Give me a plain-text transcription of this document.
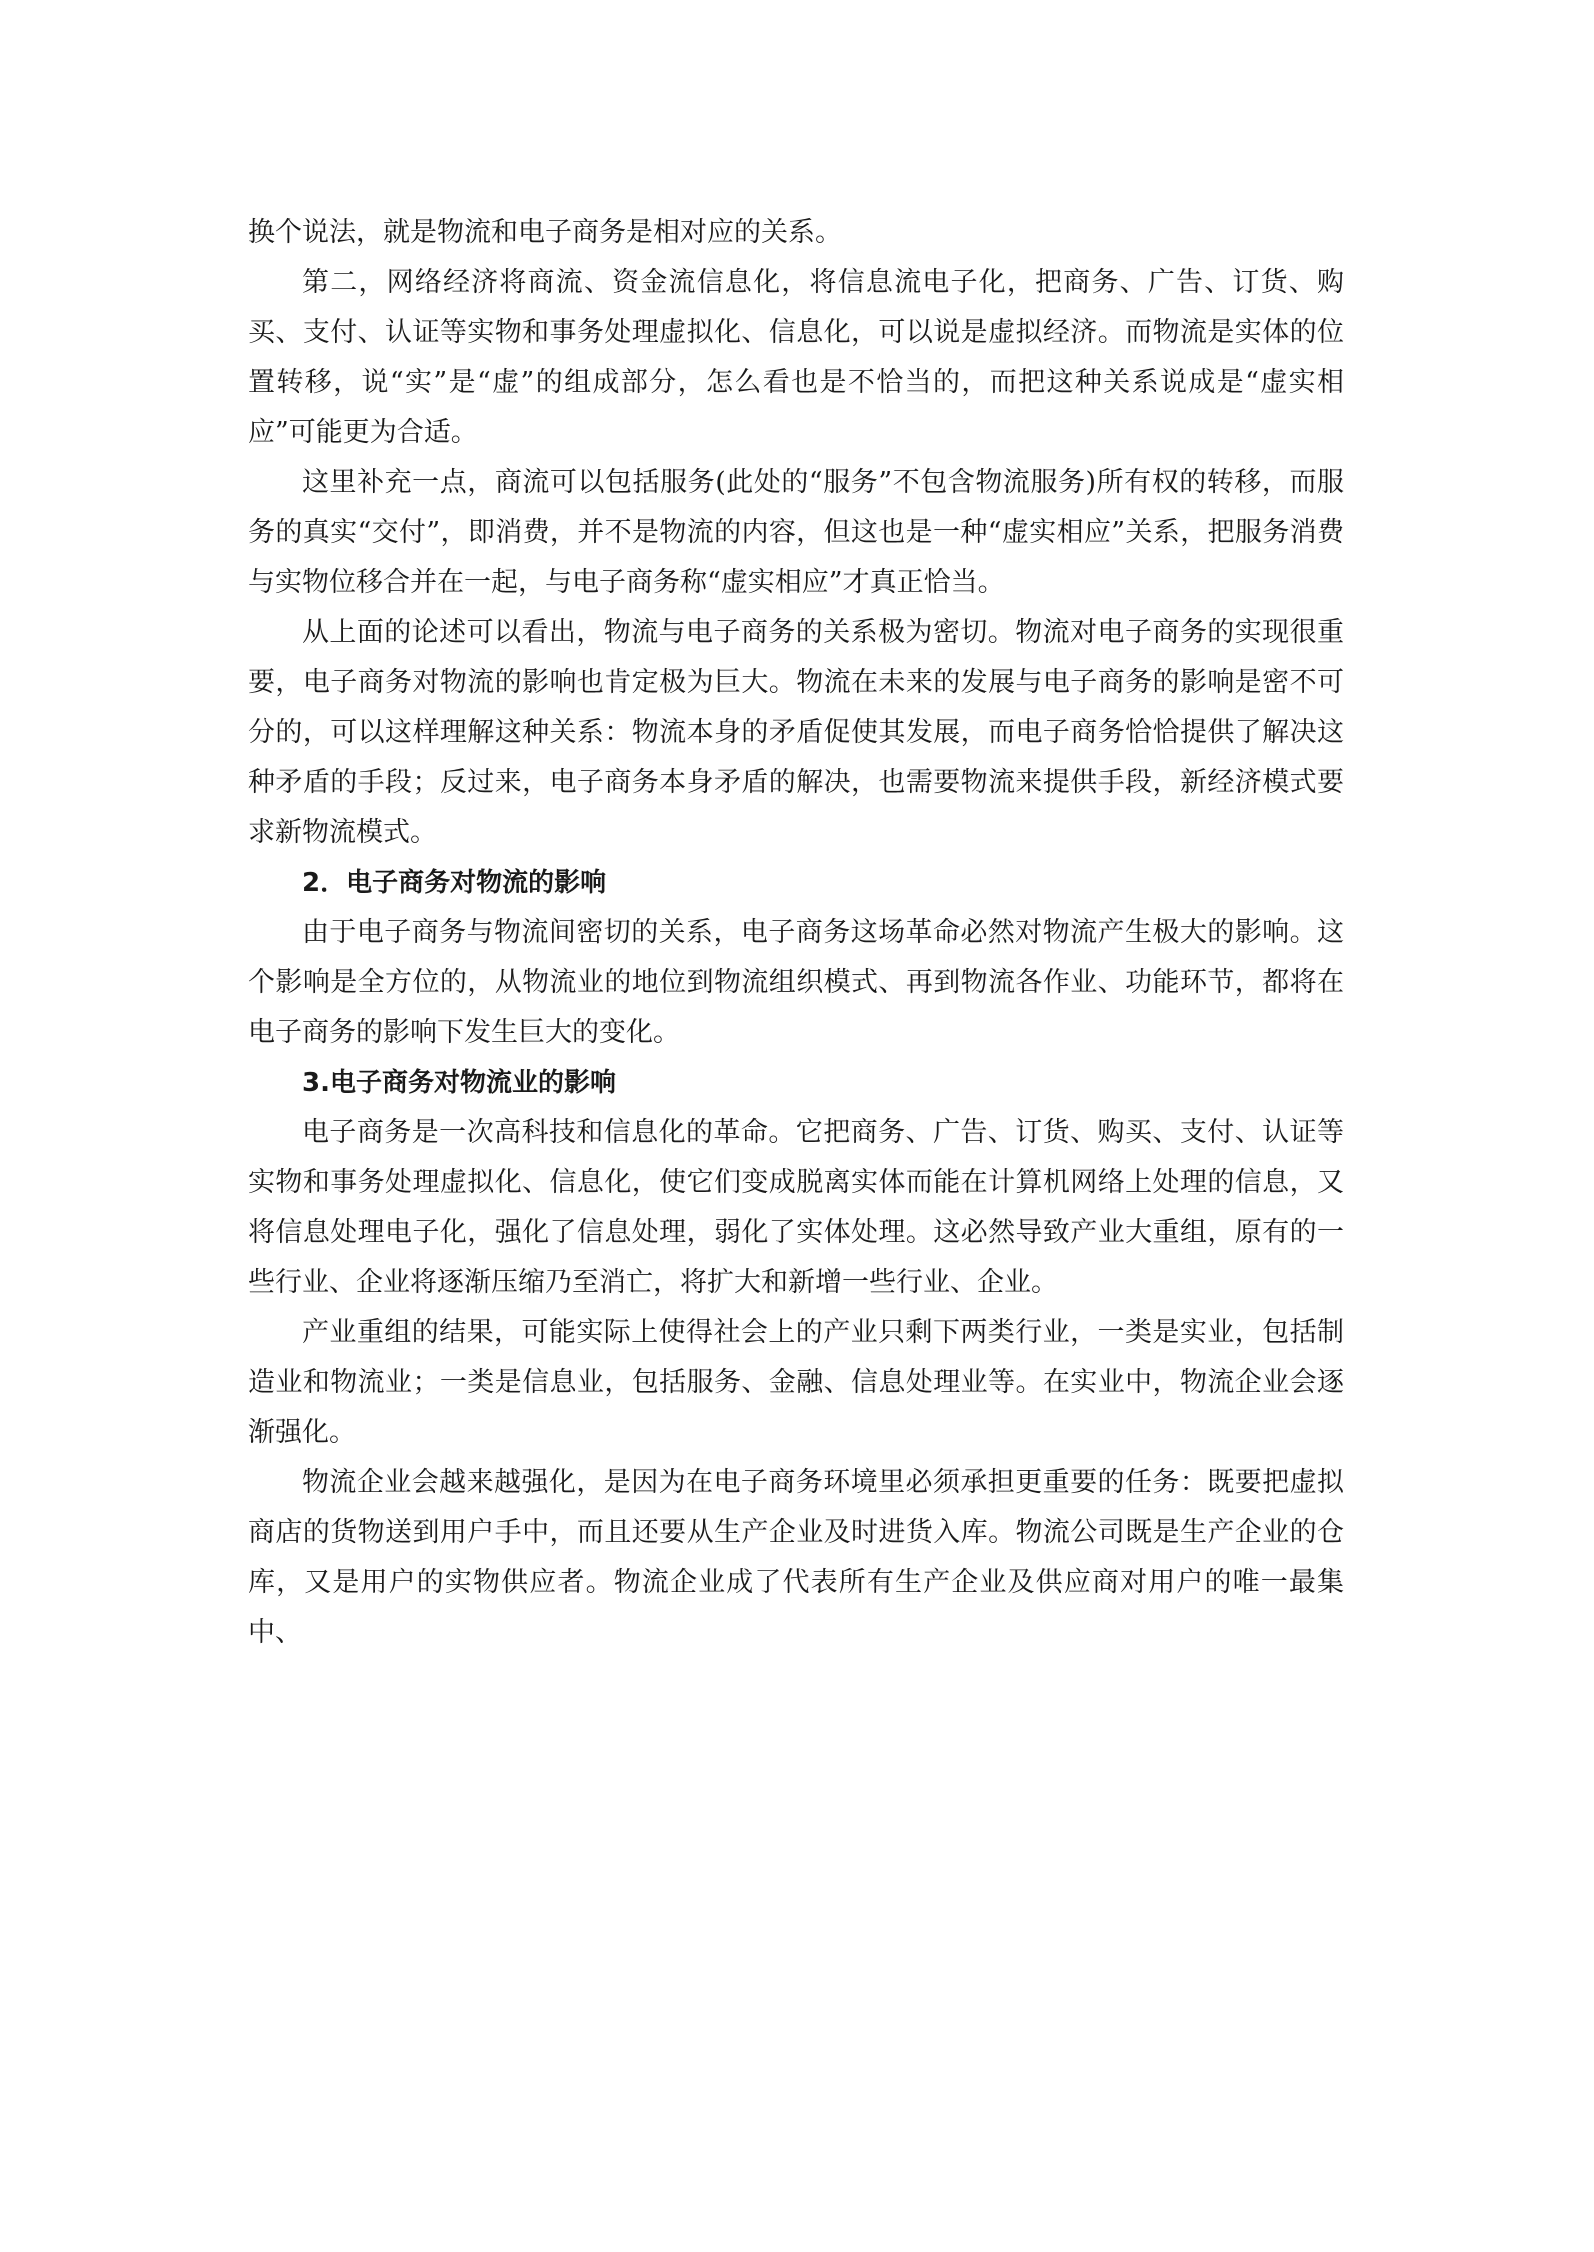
换个说法，就是物流和电子商务是相对应的关系。

第二，网络经济将商流、资金流信息化，将信息流电子化，把商务、广告、订货、购买、支付、认证等实物和事务处理虚拟化、信息化，可以说是虚拟经济。而物流是实体的位置转移，说“实”是“虚”的组成部分，怎么看也是不恰当的，而把这种关系说成是“虚实相应”可能更为合适。

这里补充一点，商流可以包括服务(此处的“服务”不包含物流服务)所有权的转移，而服务的真实“交付”，即消费，并不是物流的内容，但这也是一种“虚实相应”关系，把服务消费与实物位移合并在一起，与电子商务称“虚实相应”才真正恰当。

从上面的论述可以看出，物流与电子商务的关系极为密切。物流对电子商务的实现很重要，电子商务对物流的影响也肯定极为巨大。物流在未来的发展与电子商务的影响是密不可分的，可以这样理解这种关系：物流本身的矛盾促使其发展，而电子商务恰恰提供了解决这种矛盾的手段；反过来，电子商务本身矛盾的解决，也需要物流来提供手段，新经济模式要求新物流模式。

2．电子商务对物流的影响

由于电子商务与物流间密切的关系，电子商务这场革命必然对物流产生极大的影响。这个影响是全方位的，从物流业的地位到物流组织模式、再到物流各作业、功能环节，都将在电子商务的影响下发生巨大的变化。

3.电子商务对物流业的影响

电子商务是一次高科技和信息化的革命。它把商务、广告、订货、购买、支付、认证等实物和事务处理虚拟化、信息化，使它们变成脱离实体而能在计算机网络上处理的信息，又将信息处理电子化，强化了信息处理，弱化了实体处理。这必然导致产业大重组，原有的一些行业、企业将逐渐压缩乃至消亡，将扩大和新增一些行业、企业。

产业重组的结果，可能实际上使得社会上的产业只剩下两类行业，一类是实业，包括制造业和物流业；一类是信息业，包括服务、金融、信息处理业等。在实业中，物流企业会逐渐强化。

物流企业会越来越强化，是因为在电子商务环境里必须承担更重要的任务：既要把虚拟商店的货物送到用户手中，而且还要从生产企业及时进货入库。物流公司既是生产企业的仓库，又是用户的实物供应者。物流企业成了代表所有生产企业及供应商对用户的唯一最集中、
